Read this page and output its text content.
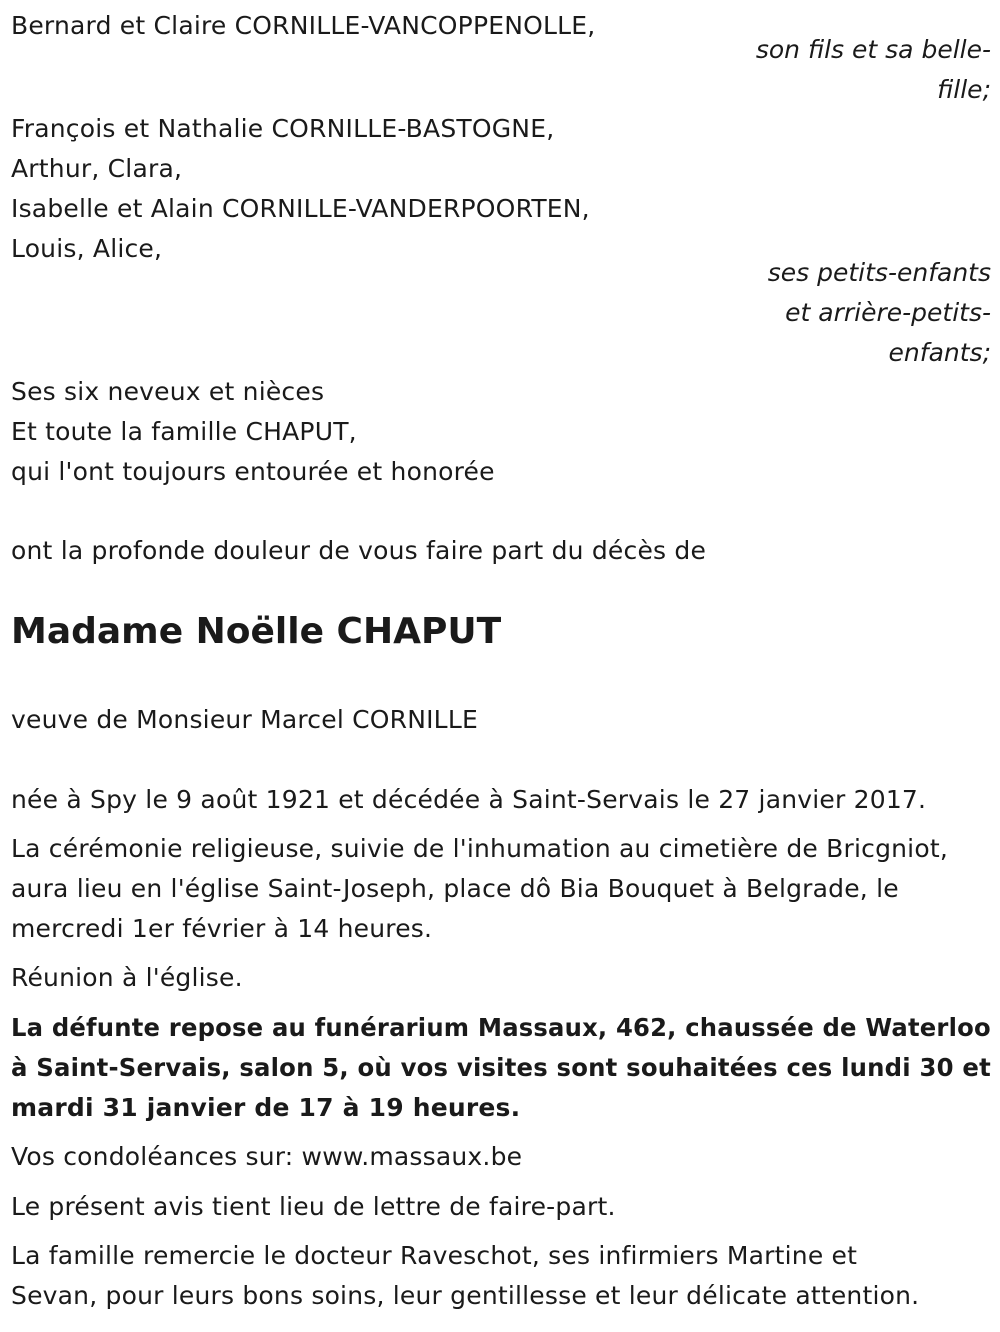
Bernard et Claire CORNILLE-VANCOPPENOLLE,
son fils et sa belle-
fille;
François et Nathalie CORNILLE-BASTOGNE,
Arthur, Clara,
Isabelle et Alain CORNILLE-VANDERPOORTEN,
Louis, Alice,
ses petits-enfants
et arrière-petits-
enfants;
Ses six neveux et nièces
Et toute la famille CHAPUT,
qui l'ont toujours entourée et honorée
ont la profonde douleur de vous faire part du décès de
Madame Noëlle CHAPUT
veuve de Monsieur Marcel CORNILLE
née à Spy le 9 août 1921 et décédée à Saint-Servais le 27 janvier 2017.
La cérémonie religieuse, suivie de l'inhumation au cimetière de Bricgniot,
aura lieu en l'église Saint-Joseph, place dô Bia Bouquet à Belgrade, le
mercredi 1er février à 14 heures.
Réunion à l'église.
La défunte repose au funérarium Massaux, 462, chaussée de Waterloo
à Saint-Servais, salon 5, où vos visites sont souhaitées ces lundi 30 et
mardi 31 janvier de 17 à 19 heures.
Vos condoléances sur: www.massaux.be
Le présent avis tient lieu de lettre de faire-part.
La famille remercie le docteur Raveschot, ses infirmiers Martine et
Sevan, pour leurs bons soins, leur gentillesse et leur délicate attention.
